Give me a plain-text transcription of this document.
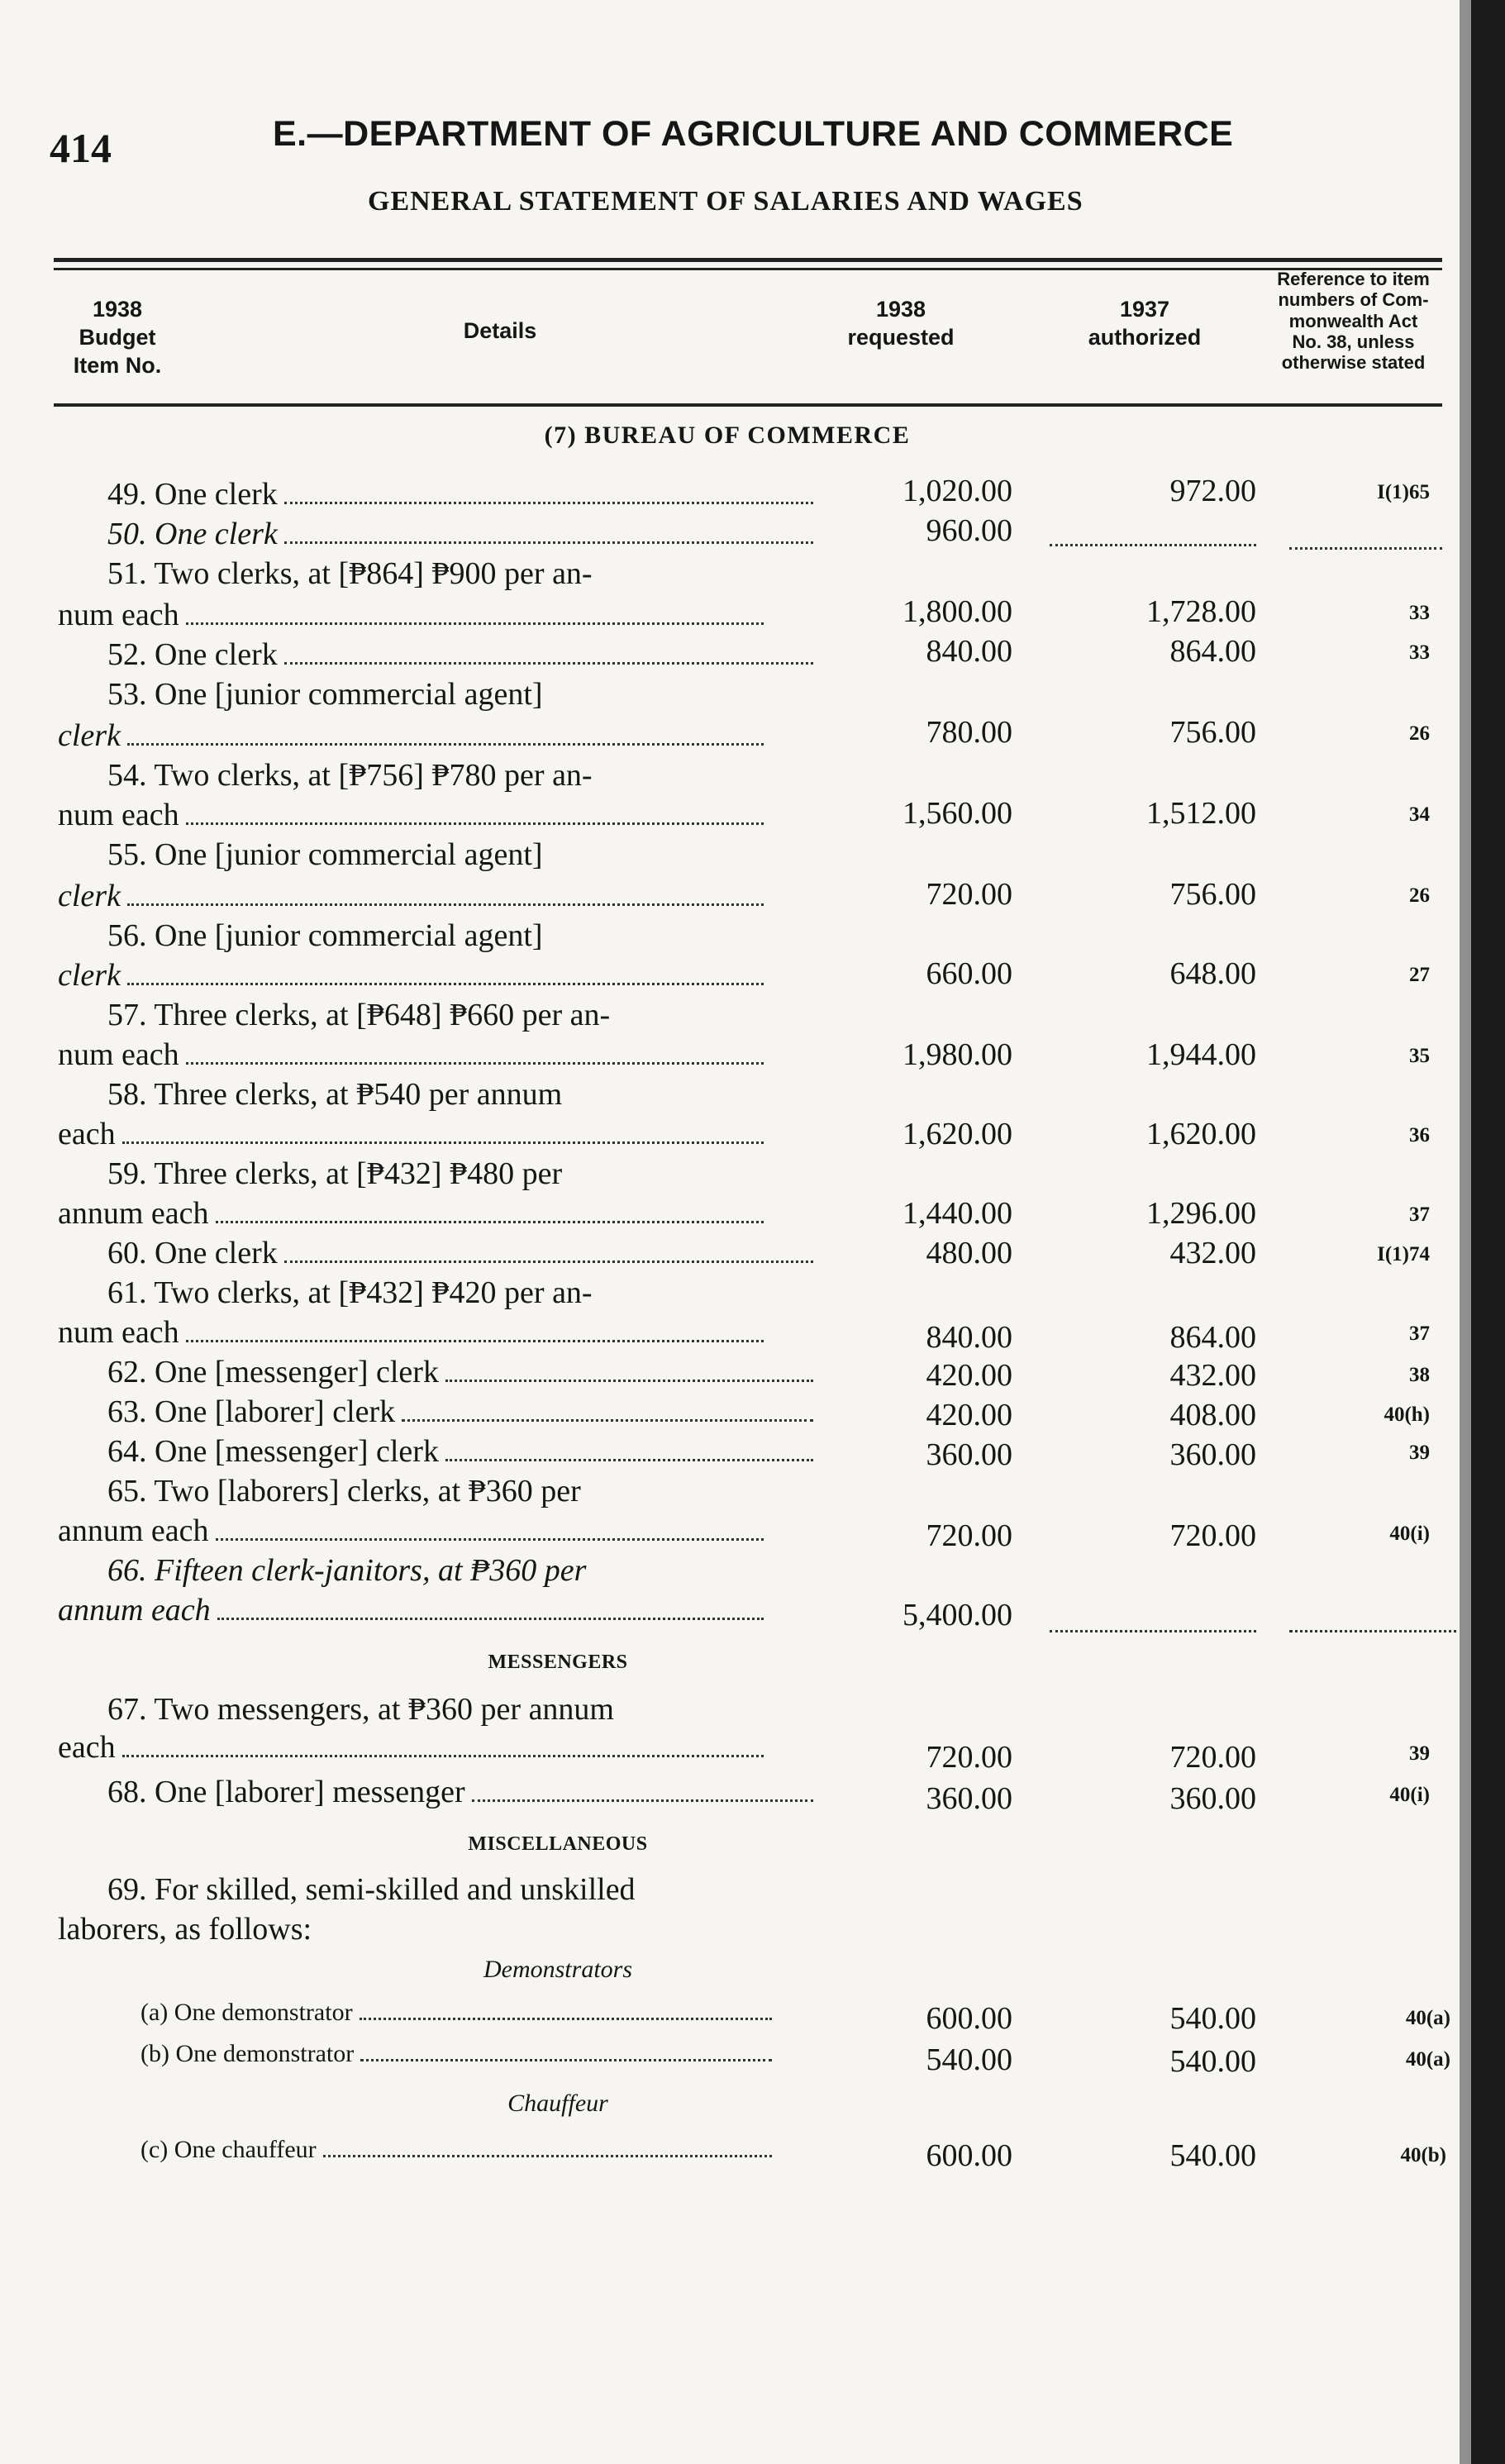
414	E.—DEPARTMENT OF AGRICULTURE AND COMMERCE
GENERAL STATEMENT OF SALARIES AND WAGES
1938
Budget
Item No.
Details
1938
requested
1937
authorized
Reference to item
numbers of Com-
monwealth Act
No. 38, unless
otherwise stated
(7) BUREAU OF COMMERCE
49. One clerk	1,020.00	972.00	I(1)65
50. One clerk	960.00
51. Two clerks, at [₱864] ₱900 per an-
num each	1,800.00	1,728.00	33
52. One clerk	840.00	864.00	33
53. One [junior commercial agent]
clerk	780.00	756.00	26
54. Two clerks, at [₱756] ₱780 per an-
num each	1,560.00	1,512.00	34
55. One [junior commercial agent]
clerk	720.00	756.00	26
56. One [junior commercial agent]
clerk	660.00	648.00	27
57. Three clerks, at [₱648] ₱660 per an-
num each	1,980.00	1,944.00	35
58. Three clerks, at ₱540 per annum
each	1,620.00	1,620.00	36
59. Three clerks, at [₱432] ₱480 per
annum each	1,440.00	1,296.00	37
60. One clerk	480.00	432.00	I(1)74
61. Two clerks, at [₱432] ₱420 per an-
num each	840.00	864.00	37
62. One [messenger] clerk	420.00	432.00	38
63. One [laborer] clerk	420.00	408.00	40(h)
64. One [messenger] clerk	360.00	360.00	39
65. Two [laborers] clerks, at ₱360 per
annum each	720.00	720.00	40(i)
66. Fifteen clerk-janitors, at ₱360 per
annum each	5,400.00
MESSENGERS
67. Two messengers, at ₱360 per annum
each	720.00	720.00	39
68. One [laborer] messenger	360.00	360.00	40(i)
MISCELLANEOUS
69. For skilled, semi-skilled and unskilled
laborers, as follows:
Demonstrators
(a) One demonstrator	600.00	540.00	40(a)
(b) One demonstrator	540.00	540.00	40(a)
Chauffeur
(c) One chauffeur	600.00	540.00	40(b)
